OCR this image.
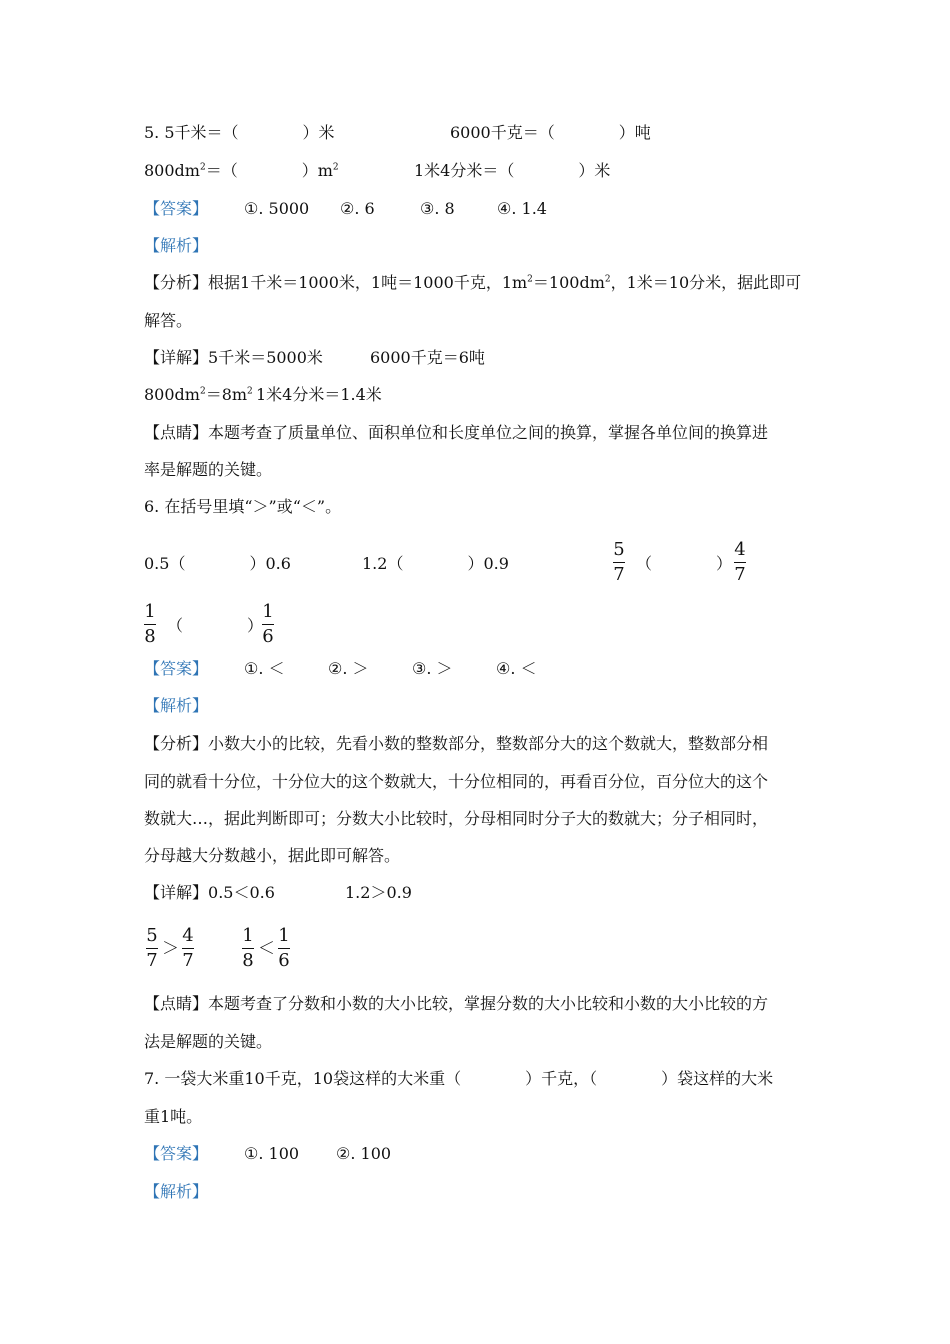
5. 5千米＝（　　　　）米	6000千克＝（　　　　）吨
$800dm^2=$（　　　　）$m^2$	1米4分米＝（　　　　）米
【答案】 ①. 5000 ②. 6	③. 8	④. 1.4
【解析】
【分析】根据1千米＝1000米，1吨＝1000千克，$1m^2=100dm^2$，1米＝10分米，据此即可
解答。
【详解】5千米＝5000米	6000千克＝6吨
$800dm^2=8m^2$ 1米4分米＝1.4米
【点睛】本题考查了质量单位、面积单位和长度单位之间的换算，掌握各单位间的换算进
率是解题的关键。
6. 在括号里填“＞”或“＜”。
0.5（　　　　）0.6	1.2（　　　　）0.9
5
7
（　　　　）
4
7
1
8
（　　　　）
1
6
【答案】 ①. ＜	②. ＞	③. ＞	④. ＜
【解析】
【分析】小数大小的比较，先看小数的整数部分，整数部分大的这个数就大，整数部分相
同的就看十分位，十分位大的这个数就大，十分位相同的，再看百分位，百分位大的这个
数就大…，据此判断即可；分数大小比较时，分母相同时分子大的数就大；分子相同时，
分母越大分数越小，据此即可解答。
【详解】0.5＜0.6	1.2＞0.9
5
7
＞
4
7
1
8
＜
1
6
【点睛】本题考查了分数和小数的大小比较，掌握分数的大小比较和小数的大小比较的方
法是解题的关键。
7. 一袋大米重10千克，10袋这样的大米重（　　　　）千克，（　　　　）袋这样的大米
重1吨。
【答案】 ①. 100 ②. 100
【解析】
